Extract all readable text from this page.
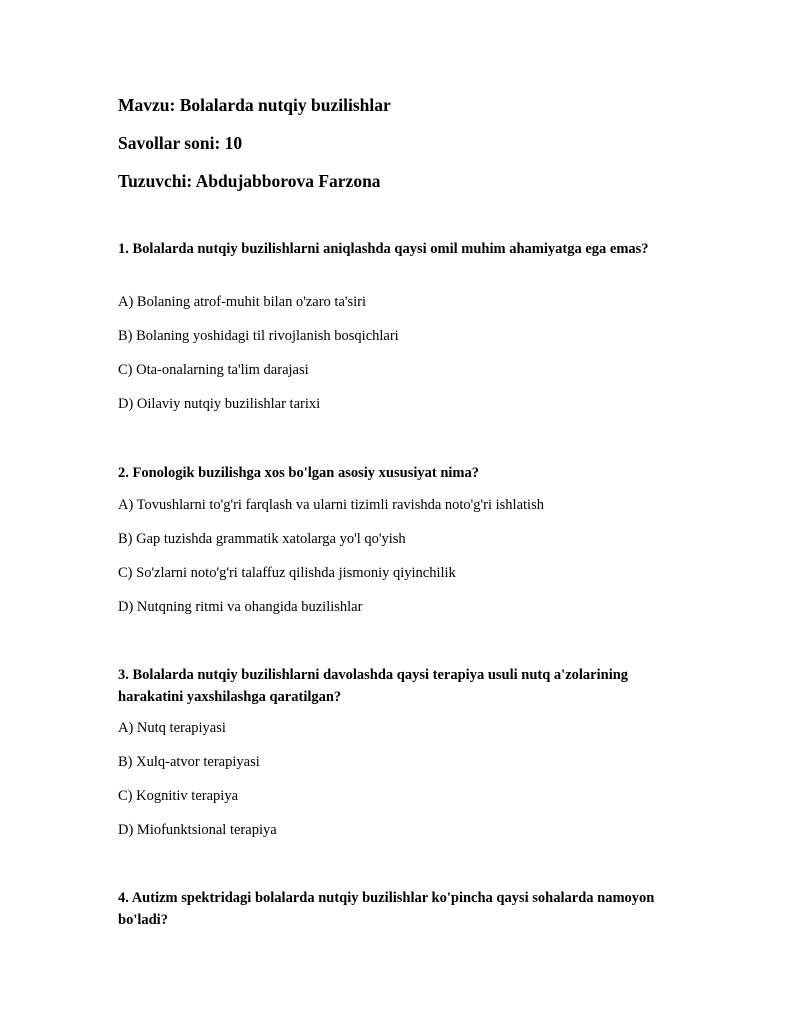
Mavzu: Bolalarda nutqiy buzilishlar
Savollar soni: 10
Tuzuvchi: Abdujabborova Farzona
1. Bolalarda nutqiy buzilishlarni aniqlashda qaysi omil muhim ahamiyatga ega emas?
A) Bolaning atrof-muhit bilan o'zaro ta'siri
B) Bolaning yoshidagi til rivojlanish bosqichlari
C) Ota-onalarning ta'lim darajasi
D) Oilaviy nutqiy buzilishlar tarixi
2. Fonologik buzilishga xos bo'lgan asosiy xususiyat nima?
A) Tovushlarni to'g'ri farqlash va ularni tizimli ravishda noto'g'ri ishlatish
B) Gap tuzishda grammatik xatolarga yo'l qo'yish
C) So'zlarni noto'g'ri talaffuz qilishda jismoniy qiyinchilik
D) Nutqning ritmi va ohangida buzilishlar
3. Bolalarda nutqiy buzilishlarni davolashda qaysi terapiya usuli nutq a'zolarining harakatini yaxshilashga qaratilgan?
A) Nutq terapiyasi
B) Xulq-atvor terapiyasi
C) Kognitiv terapiya
D) Miofunktsional terapiya
4. Autizm spektridagi bolalarda nutqiy buzilishlar ko'pincha qaysi sohalarda namoyon bo'ladi?
